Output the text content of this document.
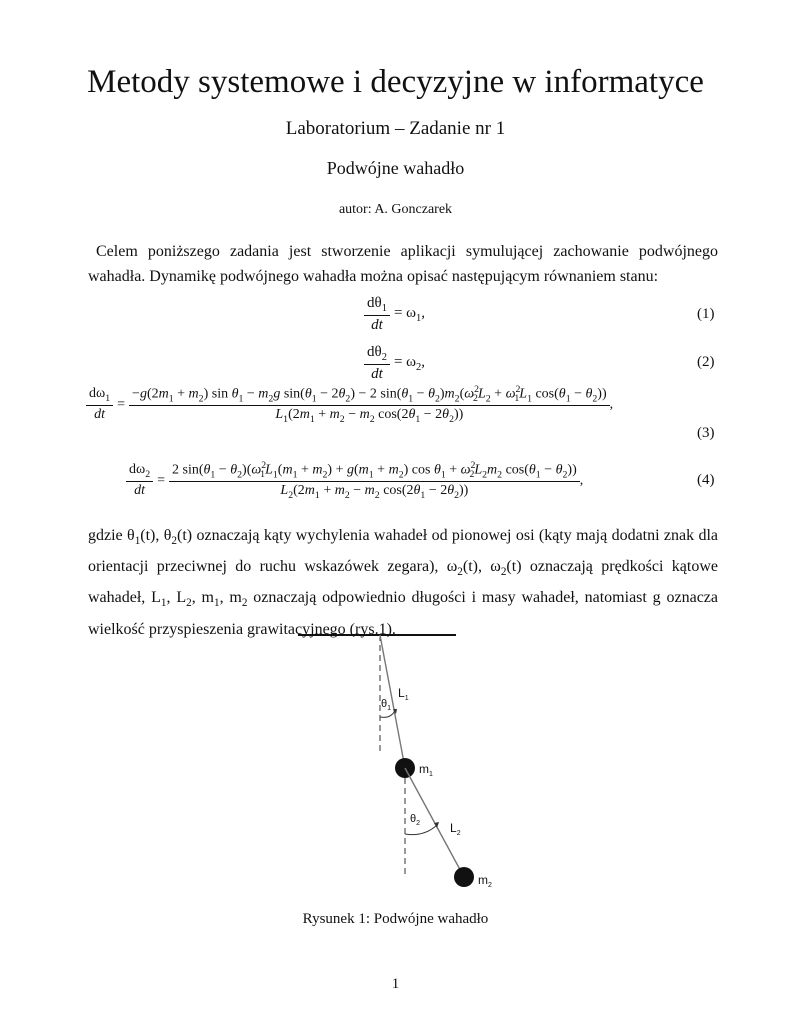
Metody systemowe i decyzyjne w informatyce
Laboratorium – Zadanie nr 1
Podwójne wahadło
autor: A. Gonczarek
Celem poniższego zadania jest stworzenie aplikacji symulującej zachowanie podwójnego wahadła. Dynamikę podwójnego wahadła można opisać następującym równaniem stanu:
$\frac{d\theta_1}{dt} = \omega_1$,	(1)
$\frac{d\theta_2}{dt} = \omega_2$,	(2)
$\frac{d\omega_1}{dt}$ =
$-g(2m_1 + m_2)$ $\sin \theta_1 - m_2g$ $\sin(\theta_1 - 2\theta_2) - 2$ $\sin(\theta_1 - \theta_2)m_2(\omega^2_2L_2 + \omega^2_1L_1$ $\cos(\theta_1 - \theta_2)$)
$L_1(2m_1 + m_2 - m_2$ $\cos(2\theta_1 - 2\theta_2)$)
,
(3)
$\frac{d\omega_2}{dt}$ =
2 $\sin(\theta_1 - \theta_2)(\omega^2_1L_1(m_1 + m_2) + g(m_1 + m_2)$ $\cos \theta_1 + \omega^2_2L_2m_2$ $\cos(\theta_1 - \theta_2)$)
$L_2(2m_1 + m_2 - m_2$ $\cos(2\theta_1 - 2\theta_2)$)
,	(4)
gdzie $\theta_1(t)$, $\theta_2(t)$ oznaczają kąty wychylenia wahadeł od pionowej osi (kąty mają dodatni znak dla orientacji przeciwnej do ruchu wskazówek zegara), $\omega_2(t)$, $\omega_2(t)$ oznaczają prędkości kątowe wahadeł, $L_1$, $L_2$, $m_1$, $m_2$ oznaczają odpowiednio długości i masy wahadeł, natomiast g oznacza wielkość przyspieszenia grawitacyjnego (rys.1).
$\theta_1$
$L_1$
$m_1$
$\theta_2$ $L_2$
$m_2$
Rysunek 1: Podwójne wahadło
1
